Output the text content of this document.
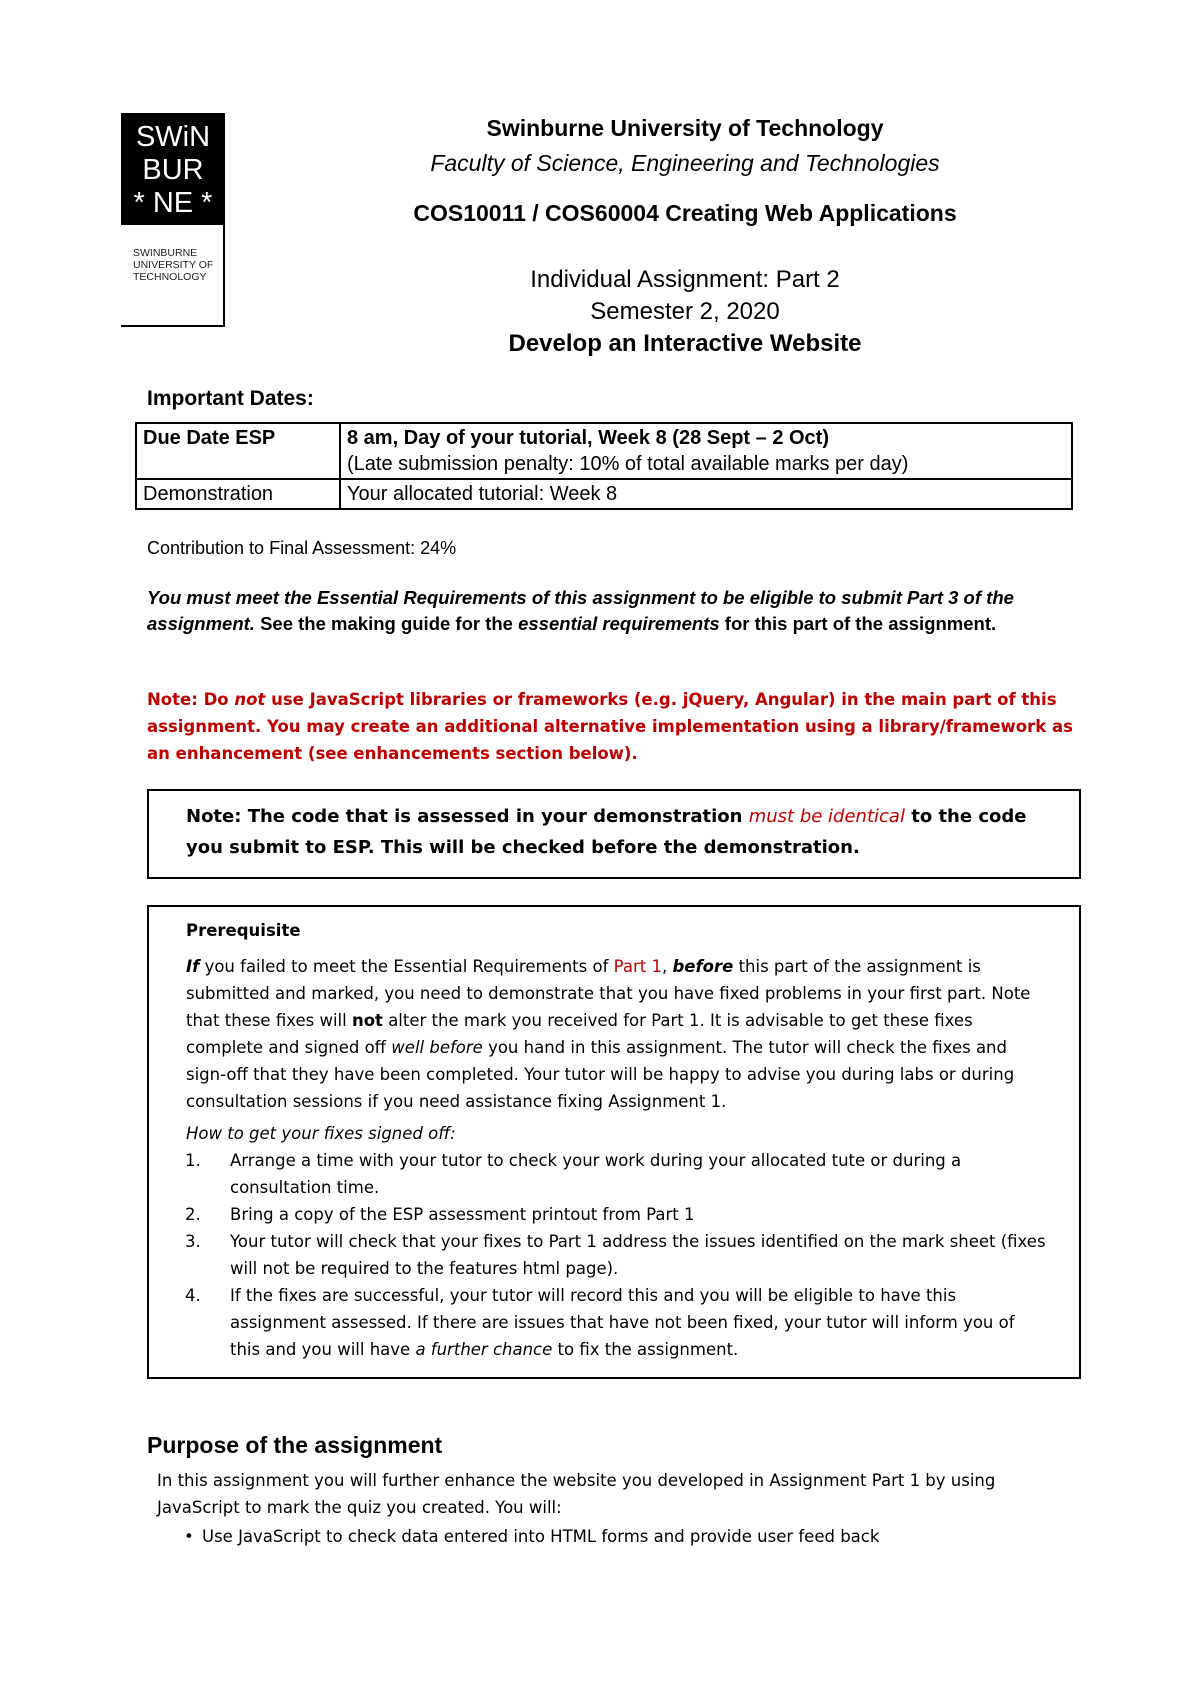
SWiN
BUR
* NE *
SWINBURNE
UNIVERSITY OF
TECHNOLOGY
Swinburne University of Technology
Faculty of Science, Engineering and Technologies
COS10011 / COS60004 Creating Web Applications
Individual Assignment: Part 2
Semester 2, 2020
Develop an Interactive Website
Important Dates:
Due Date ESP	8 am, Day of your tutorial, Week 8 (28 Sept – 2 Oct)
(Late submission penalty: 10% of total available marks per day)

Demonstration	Your allocated tutorial: Week 8
Contribution to Final Assessment: 24%
You must meet the Essential Requirements of this assignment to be eligible to submit Part 3 of the assignment. See the making guide for the essential requirements for this part of the assignment.
Note: Do not use JavaScript libraries or frameworks (e.g. jQuery, Angular) in the main part of this assignment. You may create an additional alternative implementation using a library/framework as an enhancement (see enhancements section below).
Note: The code that is assessed in your demonstration must be identical to the code you submit to ESP. This will be checked before the demonstration.
Prerequisite
If you failed to meet the Essential Requirements of Part 1, before this part of the assignment is submitted and marked, you need to demonstrate that you have fixed problems in your first part. Note that these fixes will not alter the mark you received for Part 1. It is advisable to get these fixes complete and signed off well before you hand in this assignment. The tutor will check the fixes and sign-off that they have been completed. Your tutor will be happy to advise you during labs or during consultation sessions if you need assistance fixing Assignment 1.
How to get your fixes signed off:
1. Arrange a time with your tutor to check your work during your allocated tute or during a consultation time.
2. Bring a copy of the ESP assessment printout from Part 1
3. Your tutor will check that your fixes to Part 1 address the issues identified on the mark sheet (fixes will not be required to the features html page).
4. If the fixes are successful, your tutor will record this and you will be eligible to have this assignment assessed. If there are issues that have not been fixed, your tutor will inform you of this and you will have a further chance to fix the assignment.
Purpose of the assignment
In this assignment you will further enhance the website you developed in Assignment Part 1 by using JavaScript to mark the quiz you created. You will:
• Use JavaScript to check data entered into HTML forms and provide user feed back
